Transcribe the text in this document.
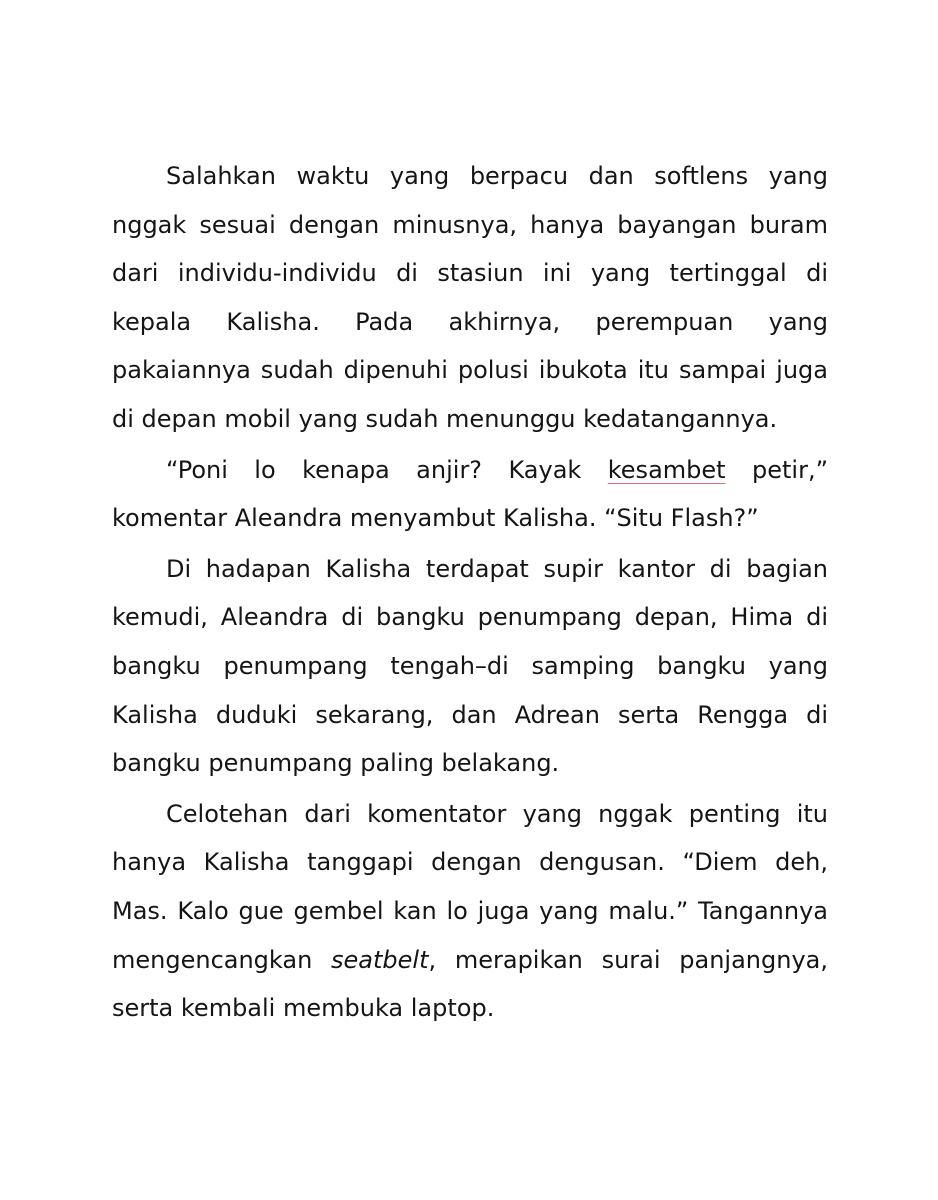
Salahkan waktu yang berpacu dan softlens yang nggak sesuai dengan minusnya, hanya bayangan buram dari individu-individu di stasiun ini yang tertinggal di kepala Kalisha. Pada akhirnya, perempuan yang pakaiannya sudah dipenuhi polusi ibukota itu sampai juga di depan mobil yang sudah menunggu kedatangannya.

“Poni lo kenapa anjir? Kayak kesambet petir,” komentar Aleandra menyambut Kalisha. “Situ Flash?”

Di hadapan Kalisha terdapat supir kantor di bagian kemudi, Aleandra di bangku penumpang depan, Hima di bangku penumpang tengah–di samping bangku yang Kalisha duduki sekarang, dan Adrean serta Rengga di bangku penumpang paling belakang.

Celotehan dari komentator yang nggak penting itu hanya Kalisha tanggapi dengan dengusan. “Diem deh, Mas. Kalo gue gembel kan lo juga yang malu.” Tangannya mengencangkan seatbelt, merapikan surai panjangnya, serta kembali membuka laptop.
